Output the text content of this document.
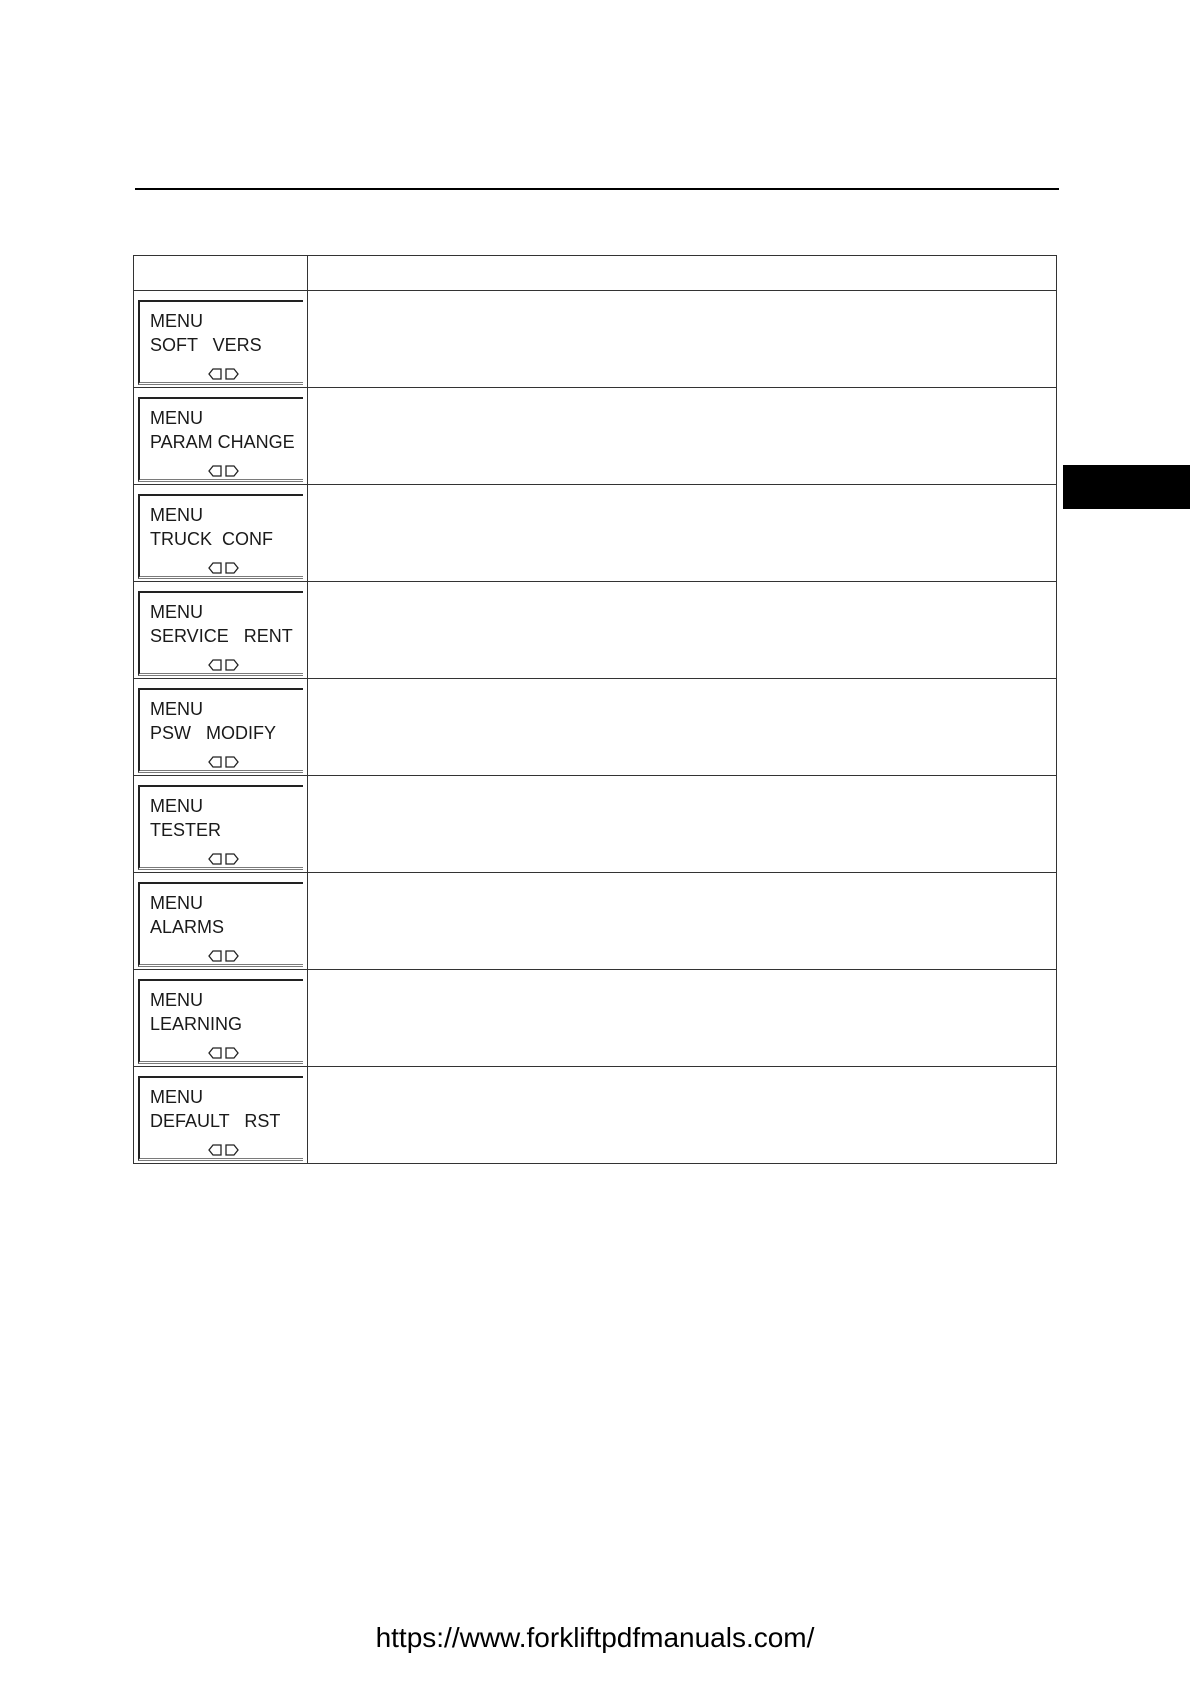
MENU
SOFT   VERS	

MENU
PARAM CHANGE	

MENU
TRUCK  CONF	

MENU
SERVICE   RENT	

MENU
PSW   MODIFY	

MENU
TESTER	

MENU
ALARMS	

MENU
LEARNING	

MENU
DEFAULT   RST	

https://www.forkliftpdfmanuals.com/
